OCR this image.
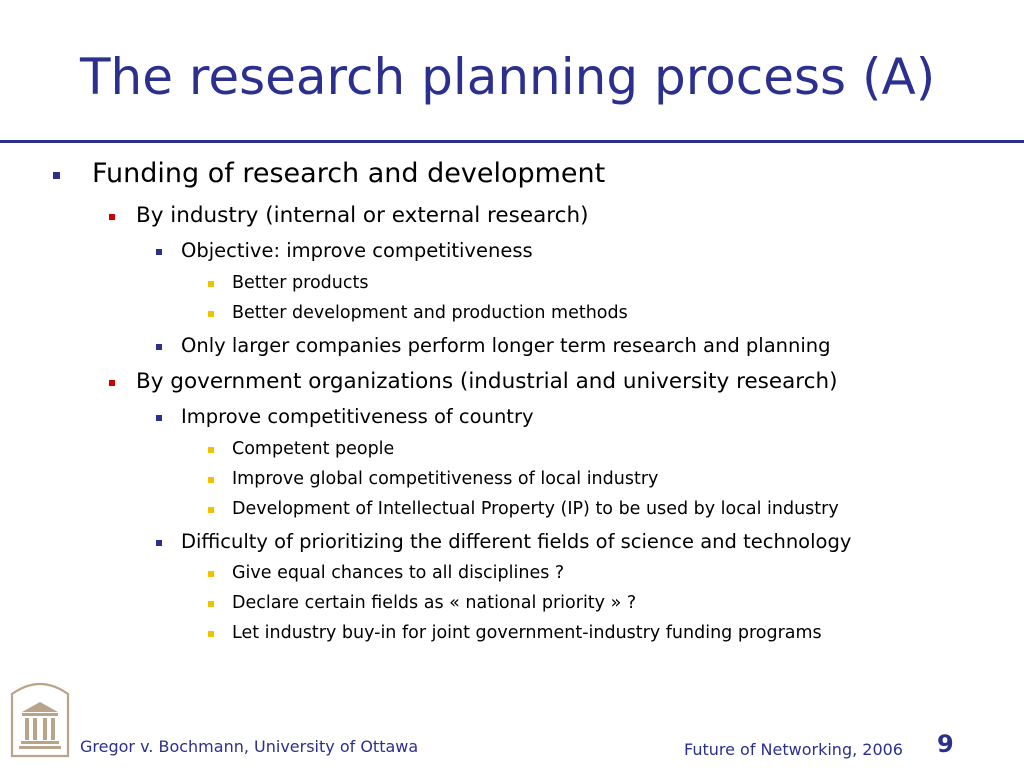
The research planning process (A)
Funding of research and development
By industry (internal or external research)
Objective: improve competitiveness
Better products
Better development and production methods
Only larger companies perform longer term research and planning
By government organizations (industrial and university research)
Improve competitiveness of country
Competent people
Improve global competitiveness of local industry
Development of Intellectual Property (IP) to be used by local industry
Difficulty of prioritizing the different fields of science and technology
Give equal chances to all disciplines ?
Declare certain fields as « national priority » ?
Let industry buy-in for joint government-industry funding programs
Gregor v. Bochmann, University of Ottawa	Future of Networking, 2006 9
